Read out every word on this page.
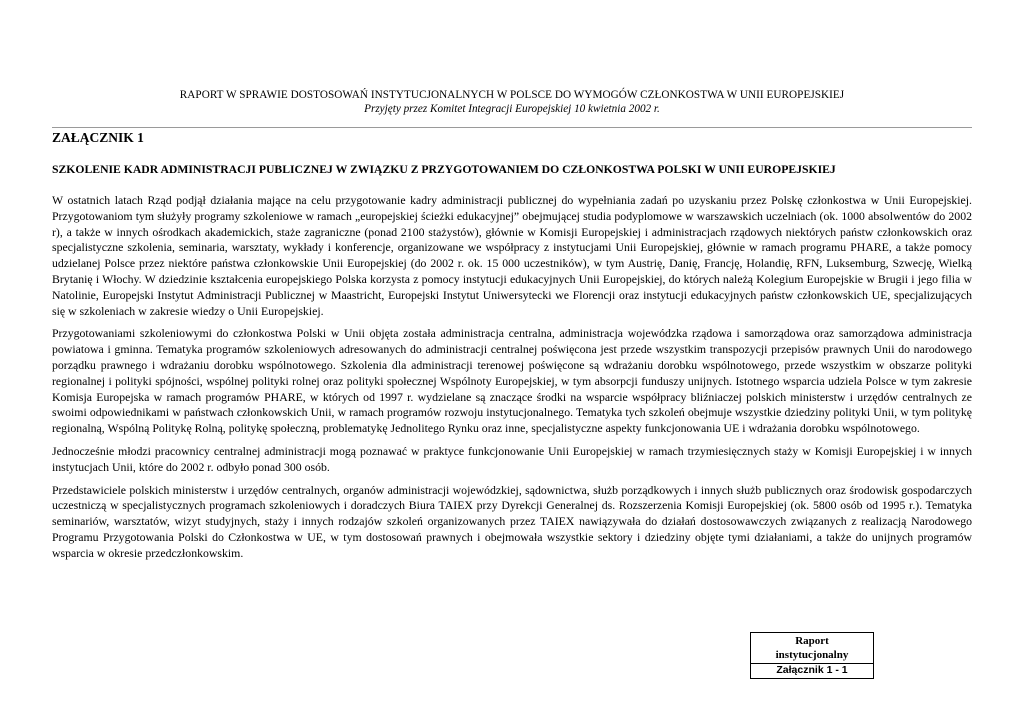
RAPORT W SPRAWIE DOSTOSOWAŃ INSTYTUCJONALNYCH W POLSCE DO WYMOGÓW CZŁONKOSTWA W UNII EUROPEJSKIEJ
Przyjęty przez Komitet Integracji Europejskiej 10 kwietnia 2002 r.
ZAŁĄCZNIK 1
SZKOLENIE KADR ADMINISTRACJI PUBLICZNEJ W ZWIĄZKU Z PRZYGOTOWANIEM DO CZŁONKOSTWA POLSKI W UNII EUROPEJSKIEJ

W ostatnich latach Rząd podjął działania mające na celu przygotowanie kadry administracji publicznej do wypełniania zadań po uzyskaniu przez Polskę członkostwa w Unii Europejskiej. Przygotowaniom tym służyły programy szkoleniowe w ramach „europejskiej ścieżki edukacyjnej” obejmującej studia podyplomowe w warszawskich uczelniach (ok. 1000 absolwentów do 2002 r), a także w innych ośrodkach akademickich, staże zagraniczne (ponad 2100 stażystów), głównie w Komisji Europejskiej i administracjach rządowych niektórych państw członkowskich oraz specjalistyczne szkolenia, seminaria, warsztaty, wykłady i konferencje, organizowane we współpracy z instytucjami Unii Europejskiej, głównie w ramach programu PHARE, a także pomocy udzielanej Polsce przez niektóre państwa członkowskie Unii Europejskiej (do 2002 r. ok. 15 000 uczestników), w tym Austrię, Danię, Francję, Holandię, RFN, Luksemburg, Szwecję, Wielką Brytanię i Włochy. W dziedzinie kształcenia europejskiego Polska korzysta z pomocy instytucji edukacyjnych Unii Europejskiej, do których należą Kolegium Europejskie w Brugii i jego filia w Natolinie, Europejski Instytut Administracji Publicznej w Maastricht, Europejski Instytut Uniwersytecki we Florencji oraz instytucji edukacyjnych państw członkowskich UE, specjalizujących się w szkoleniach w zakresie wiedzy o Unii Europejskiej.

Przygotowaniami szkoleniowymi do członkostwa Polski w Unii objęta została administracja centralna, administracja wojewódzka rządowa i samorządowa oraz samorządowa administracja powiatowa i gminna. Tematyka programów szkoleniowych adresowanych do administracji centralnej poświęcona jest przede wszystkim transpozycji przepisów prawnych Unii do narodowego porządku prawnego i wdrażaniu dorobku wspólnotowego. Szkolenia dla administracji terenowej poświęcone są wdrażaniu dorobku wspólnotowego, przede wszystkim w obszarze polityki regionalnej i polityki spójności, wspólnej polityki rolnej oraz polityki społecznej Wspólnoty Europejskiej, w tym absorpcji funduszy unijnych. Istotnego wsparcia udziela Polsce w tym zakresie Komisja Europejska w ramach programów PHARE, w których od 1997 r. wydzielane są znaczące środki na wsparcie współpracy bliźniaczej polskich ministerstw i urzędów centralnych ze swoimi odpowiednikami w państwach członkowskich Unii, w ramach programów rozwoju instytucjonalnego. Tematyka tych szkoleń obejmuje wszystkie dziedziny polityki Unii, w tym politykę regionalną, Wspólną Politykę Rolną, politykę społeczną, problematykę Jednolitego Rynku oraz inne, specjalistyczne aspekty funkcjonowania UE i wdrażania dorobku wspólnotowego.

Jednocześnie młodzi pracownicy centralnej administracji mogą poznawać w praktyce funkcjonowanie Unii Europejskiej w ramach trzymiesięcznych staży w Komisji Europejskiej i w innych instytucjach Unii, które do 2002 r. odbyło ponad 300 osób.

Przedstawiciele polskich ministerstw i urzędów centralnych, organów administracji wojewódzkiej, sądownictwa, służb porządkowych i innych służb publicznych oraz środowisk gospodarczych uczestniczą w specjalistycznych programach szkoleniowych i doradczych Biura TAIEX przy Dyrekcji Generalnej ds. Rozszerzenia Komisji Europejskiej (ok. 5800 osób od 1995 r.). Tematyka seminariów, warsztatów, wizyt studyjnych, staży i innych rodzajów szkoleń organizowanych przez TAIEX nawiązywała do działań dostosowawczych związanych z realizacją Narodowego Programu Przygotowania Polski do Członkostwa w UE, w tym dostosowań prawnych i obejmowała wszystkie sektory i dziedziny objęte tymi działaniami, a także do unijnych programów wsparcia w okresie przedczłonkowskim.

Raport
instytucjonalny
Załącznik 1 - 1
